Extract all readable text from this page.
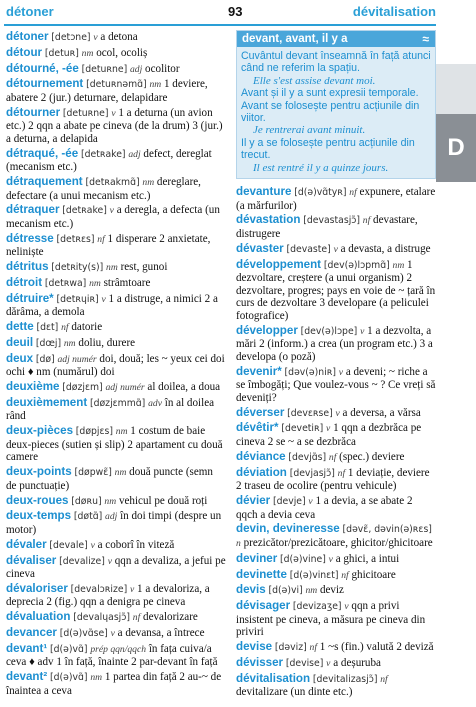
détoner	93	dévitalisation
D
détoner [detɔne] v a detona
détour [detuʀ] nm ocol, ocoliș
détourné, -ée [detuʀne] adj ocolitor
détournement [detuʀnəmɑ̃] nm 1 deviere, abatere 2 (jur.) deturnare, delapidare
détourner [detuʀne] v 1 a deturna (un avion etc.) 2 qqn a abate pe cineva (de la drum) 3 (jur.) a deturna, a delapida
détraqué, -ée [detʀake] adj defect, dereglat (mecanism etc.)
détraquement [detʀakmɑ̃] nm dereglare, defectare (a unui mecanism etc.)
détraquer [detʀake] v a deregla, a defecta (un mecanism etc.)
détresse [detʀɛs] nf 1 disperare 2 anxietate, neliniște
détritus [detʀity(s)] nm rest, gunoi
détroit [detʀwa] nm strâmtoare
détruire* [detʀɥiʀ] v 1 a distruge, a nimici 2 a dărâma, a demola
dette [dɛt] nf datorie
deuil [dœj] nm doliu, durere
deux [dø] adj numér doi, două; les ~ yeux cei doi ochi ♦ nm (numărul) doi
deuxième [døzjɛm] adj numér al doilea, a doua
deuxièmement [døzjɛmmɑ̃] adv în al doilea rând
deux-pièces [døpjɛs] nm 1 costum de baie deux-pieces (sutien și slip) 2 apartament cu două camere
deux-points [døpwɛ̃] nm două puncte (semn de punctuație)
deux-roues [døʀu] nm vehicul pe două roți
deux-temps [døtɑ̃] adj în doi timpi (despre un motor)
dévaler [devale] v a coborî în viteză
dévaliser [devalize] v qqn a devaliza, a jefui pe cineva
dévaloriser [devalɔʀize] v 1 a devaloriza, a deprecia 2 (fig.) qqn a denigra pe cineva
dévaluation [devalɥasjɔ̃] nf devalorizare
devancer [d(ə)vɑ̃se] v a devansa, a întrece
devant¹ [d(ə)vɑ̃] prép qqn/qqch în fața cuiva/a ceva ♦ adv 1 în față, înainte 2 par-devant în față
devant² [d(ə)vɑ̃] nm 1 partea din față 2 au-~ de înaintea a ceva
devant, avant, il y a	≈
Cuvântul devant înseamnă în față atunci când ne referim la spațiu.
Elle s'est assise devant moi.
Avant și il y a sunt expresii temporale. Avant se folosește pentru acțiunile din viitor.
Je rentrerai avant minuit.
Il y a se folosește pentru acțiunile din trecut.
Il est rentré il y a quinze jours.
devanture [d(ə)vɑ̃tyʀ] nf expunere, etalare (a mărfurilor)
dévastation [devastasjɔ̃] nf devastare, distrugere
dévaster [devaste] v a devasta, a distruge
développement [dev(ə)lɔpmɑ̃] nm 1 dezvoltare, creștere (a unui organism) 2 dezvoltare, progres; pays en voie de ~ țară în curs de dezvoltare 3 developare (a peliculei fotografice)
développer [dev(ə)lɔpe] v 1 a dezvolta, a mări 2 (inform.) a crea (un program etc.) 3 a developa (o poză)
devenir* [dəv(ə)niʀ] v a deveni; ~ riche a se îmbogăți; Que voulez-vous ~ ? Ce vreți să deveniți?
déverser [devɛʀse] v a deversa, a vărsa
dévêtir* [devetiʀ] v 1 qqn a dezbrăca pe cineva 2 se ~ a se dezbrăca
déviance [devjɑ̃s] nf (spec.) deviere
déviation [devjasjɔ̃] nf 1 deviație, deviere 2 traseu de ocolire (pentru vehicule)
dévier [devje] v 1 a devia, a se abate 2 qqch a devia ceva
devin, devineresse [dəvɛ̃, dəvin(ə)ʀɛs] n prezicător/prezicătoare, ghicitor/ghicitoare
deviner [d(ə)vine] v a ghici, a intui
devinette [d(ə)vinɛt] nf ghicitoare
devis [d(ə)vi] nm deviz
dévisager [devizaʒe] v qqn a privi insistent pe cineva, a măsura pe cineva din priviri
devise [dəviz] nf 1 ~s (fin.) valută 2 deviză
dévisser [devise] v a deșuruba
dévitalisation [devitalizasjɔ̃] nf devitalizare (un dinte etc.)
